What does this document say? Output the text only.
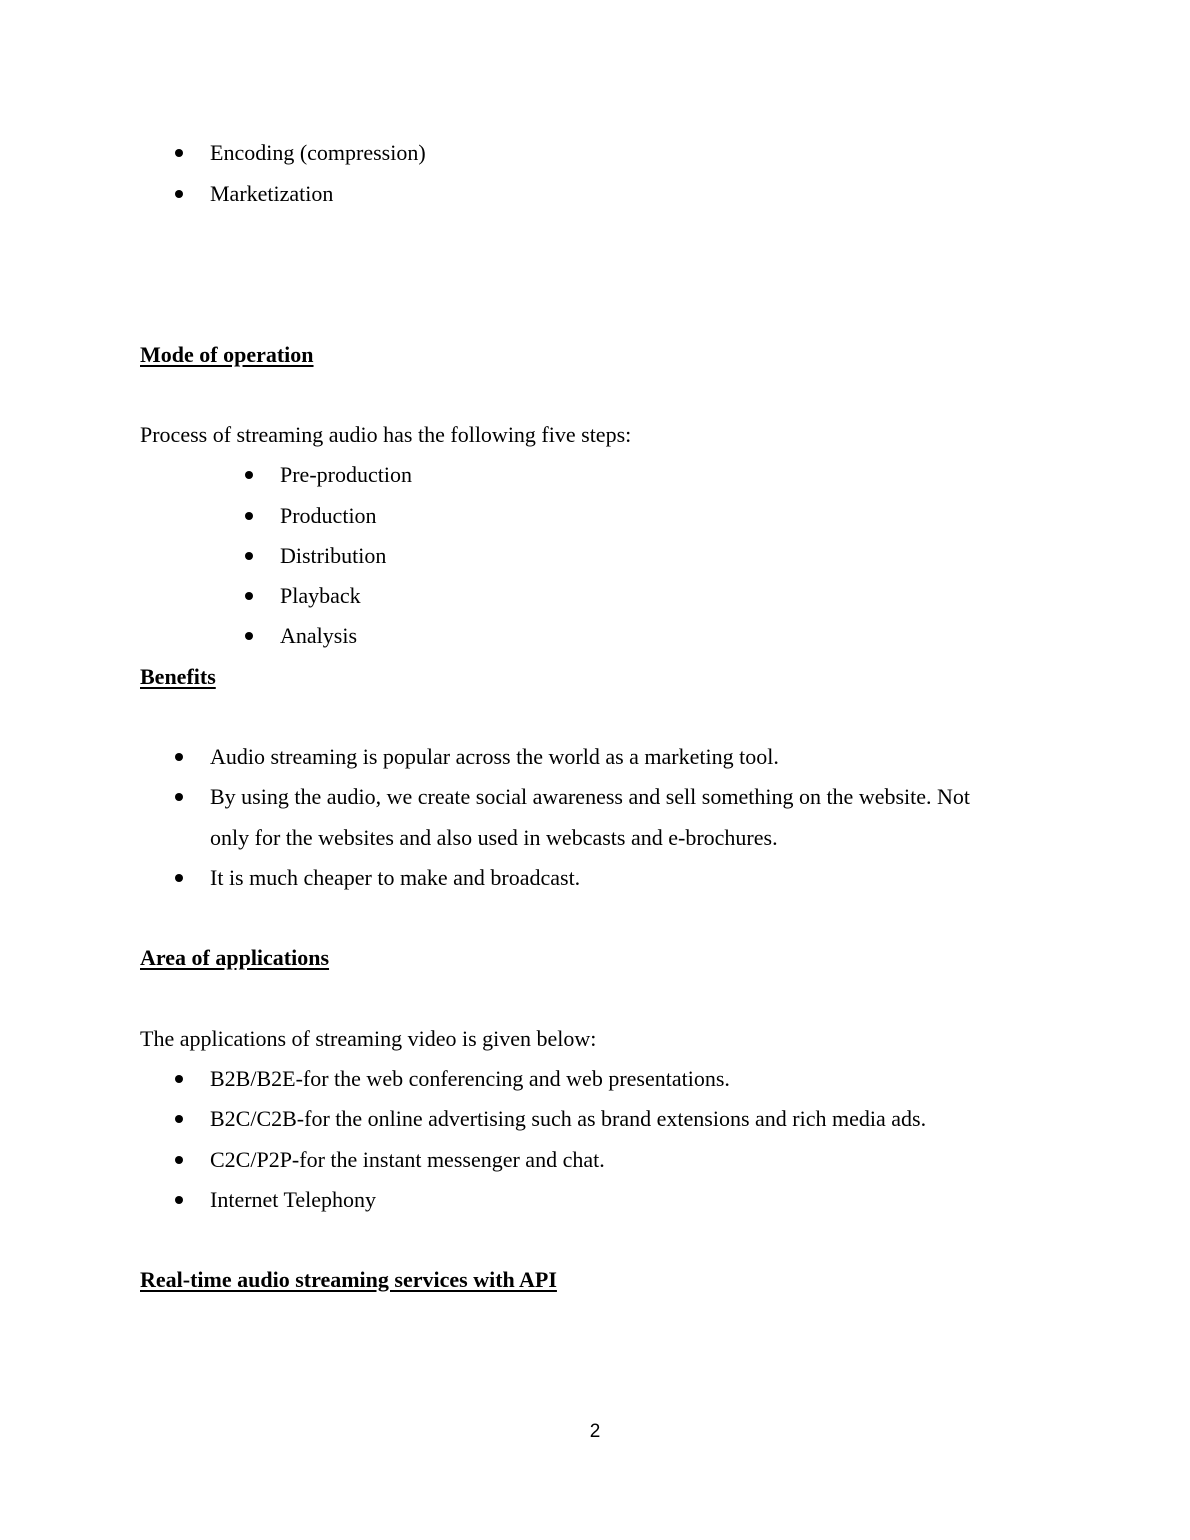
Encoding (compression)
Marketization
Mode of operation
Process of streaming audio has the following five steps:
Pre-production
Production
Distribution
Playback
Analysis
Benefits
Audio streaming is popular across the world as a marketing tool.
By using the audio, we create social awareness and sell something on the website. Not
only for the websites and also used in webcasts and e-brochures.
It is much cheaper to make and broadcast.
Area of applications
The applications of streaming video is given below:
B2B/B2E-for the web conferencing and web presentations.
B2C/C2B-for the online advertising such as brand extensions and rich media ads.
C2C/P2P-for the instant messenger and chat.
Internet Telephony
Real-time audio streaming services with API
2
